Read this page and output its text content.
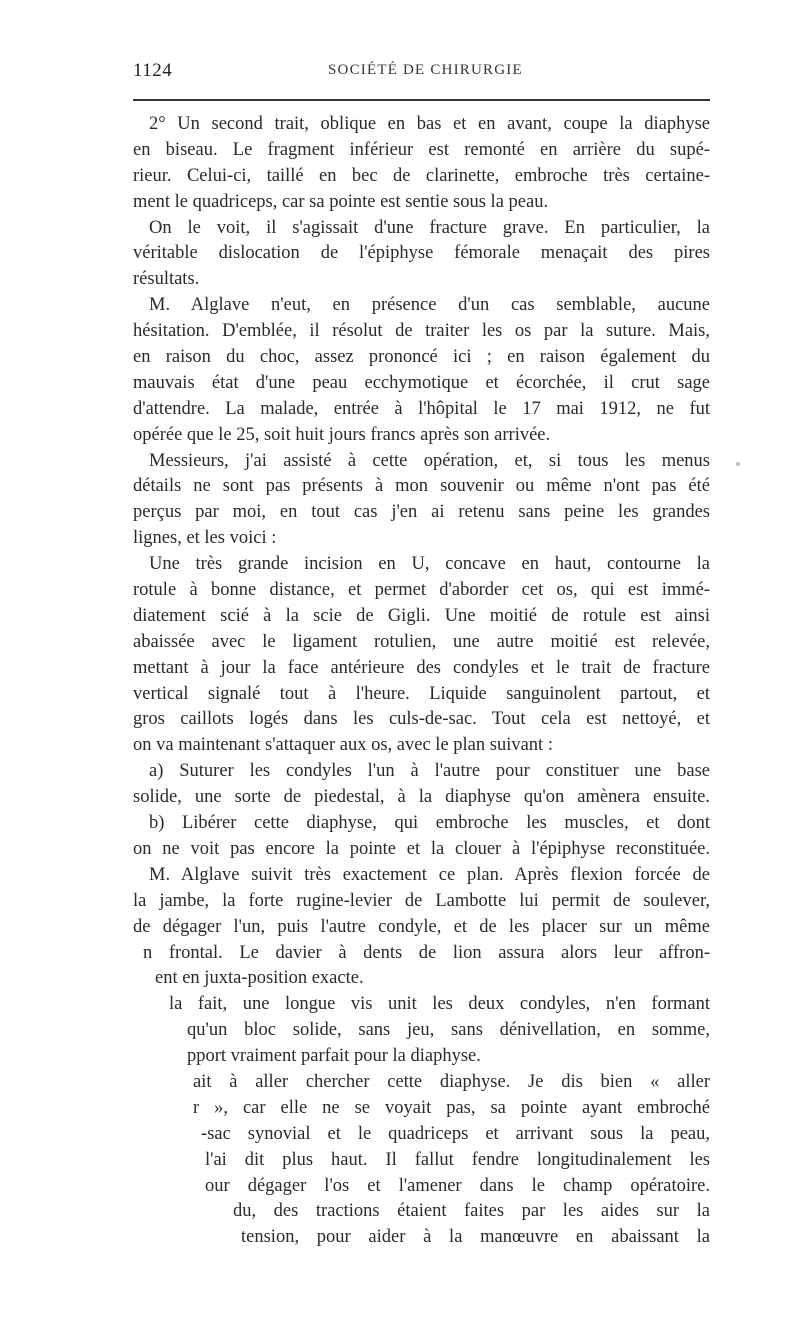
1124	SOCIÉTÉ DE CHIRURGIE
2° Un second trait, oblique en bas et en avant, coupe la diaphyse
en biseau. Le fragment inférieur est remonté en arrière du supé-
rieur. Celui-ci, taillé en bec de clarinette, embroche très certaine-
ment le quadriceps, car sa pointe est sentie sous la peau.
On le voit, il s'agissait d'une fracture grave. En particulier, la
véritable dislocation de l'épiphyse fémorale menaçait des pires
résultats.
M. Alglave n'eut, en présence d'un cas semblable, aucune
hésitation. D'emblée, il résolut de traiter les os par la suture. Mais,
en raison du choc, assez prononcé ici ; en raison également du
mauvais état d'une peau ecchymotique et écorchée, il crut sage
d'attendre. La malade, entrée à l'hôpital le 17 mai 1912, ne fut
opérée que le 25, soit huit jours francs après son arrivée.
Messieurs, j'ai assisté à cette opération, et, si tous les menus
détails ne sont pas présents à mon souvenir ou même n'ont pas été
perçus par moi, en tout cas j'en ai retenu sans peine les grandes
lignes, et les voici :
Une très grande incision en U, concave en haut, contourne la
rotule à bonne distance, et permet d'aborder cet os, qui est immé-
diatement scié à la scie de Gigli. Une moitié de rotule est ainsi
abaissée avec le ligament rotulien, une autre moitié est relevée,
mettant à jour la face antérieure des condyles et le trait de fracture
vertical signalé tout à l'heure. Liquide sanguinolent partout, et
gros caillots logés dans les culs-de-sac. Tout cela est nettoyé, et
on va maintenant s'attaquer aux os, avec le plan suivant :
a) Suturer les condyles l'un à l'autre pour constituer une base
solide, une sorte de piedestal, à la diaphyse qu'on amènera ensuite.
b) Libérer cette diaphyse, qui embroche les muscles, et dont
on ne voit pas encore la pointe et la clouer à l'épiphyse reconstituée.
M. Alglave suivit très exactement ce plan. Après flexion forcée de
la jambe, la forte rugine-levier de Lambotte lui permit de soulever,
de dégager l'un, puis l'autre condyle, et de les placer sur un même
n frontal. Le davier à dents de lion assura alors leur affron-
ent en juxta-position exacte.
la fait, une longue vis unit les deux condyles, n'en formant
qu'un bloc solide, sans jeu, sans dénivellation, en somme,
pport vraiment parfait pour la diaphyse.
ait à aller chercher cette diaphyse. Je dis bien « aller
r », car elle ne se voyait pas, sa pointe ayant embroché
-sac synovial et le quadriceps et arrivant sous la peau,
l'ai dit plus haut. Il fallut fendre longitudinalement les
our dégager l'os et l'amener dans le champ opératoire.
du, des tractions étaient faites par les aides sur la
tension, pour aider à la manœuvre en abaissant la
